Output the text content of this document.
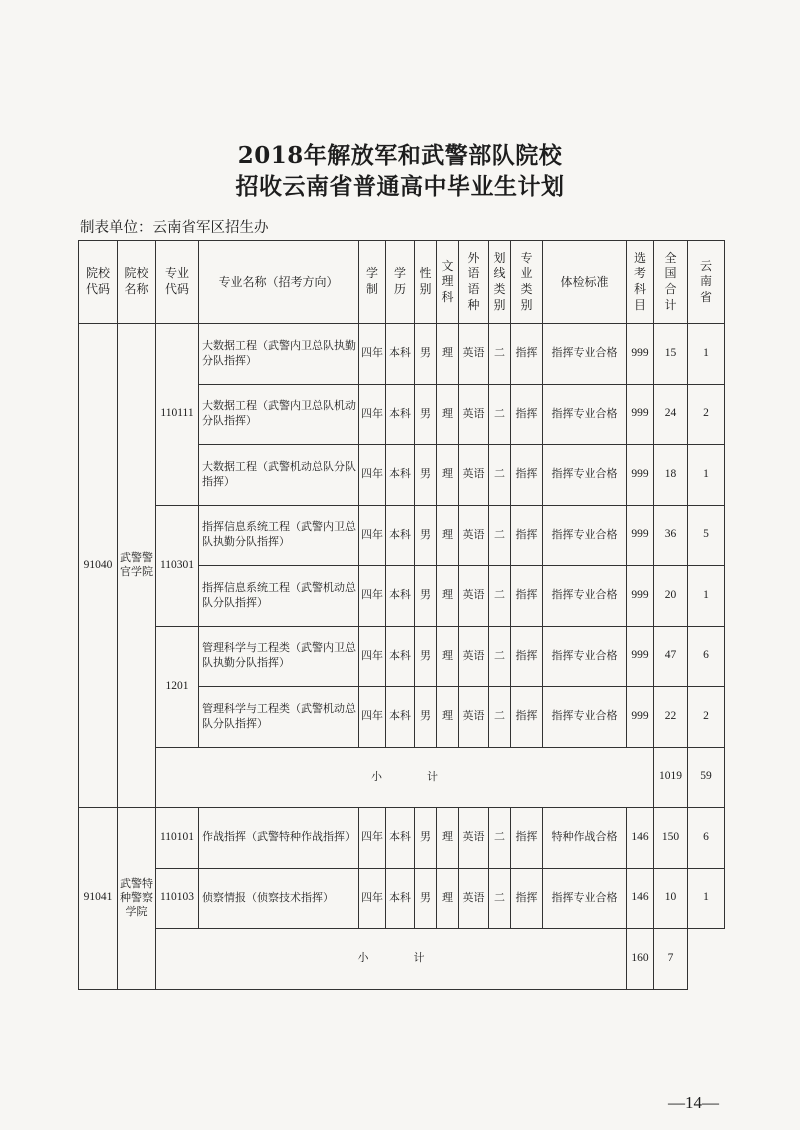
2018年解放军和武警部队院校
招收云南省普通高中毕业生计划
制表单位：云南省军区招生办
院校代码	院校名称	专业代码	专业名称（招考方向）	学制	学历	性别	文理科	外语语种	划线类别	专业类别	体检标准	选考科目	全国合计	云南省
91040	武警警官学院	110111	大数据工程（武警内卫总队执勤分队指挥）	四年	本科	男	理	英语	二	指挥	指挥专业合格	999	15	1
			大数据工程（武警内卫总队机动分队指挥）	四年	本科	男	理	英语	二	指挥	指挥专业合格	999	24	2
			大数据工程（武警机动总队分队指挥）	四年	本科	男	理	英语	二	指挥	指挥专业合格	999	18	1
		110301	指挥信息系统工程（武警内卫总队执勤分队指挥）	四年	本科	男	理	英语	二	指挥	指挥专业合格	999	36	5
			指挥信息系统工程（武警机动总队分队指挥）	四年	本科	男	理	英语	二	指挥	指挥专业合格	999	20	1
		1201	管理科学与工程类（武警内卫总队执勤分队指挥）	四年	本科	男	理	英语	二	指挥	指挥专业合格	999	47	6
			管理科学与工程类（武警机动总队分队指挥）	四年	本科	男	理	英语	二	指挥	指挥专业合格	999	22	2
		小计											1019	59
91041	武警特种警察学院	110101	作战指挥（武警特种作战指挥）	四年	本科	男	理	英语	二	指挥	特种作战合格	146	150	6
		110103	侦察情报（侦察技术指挥）	四年	本科	男	理	英语	二	指挥	指挥专业合格	146	10	1
		小计										160	7	
—14—
